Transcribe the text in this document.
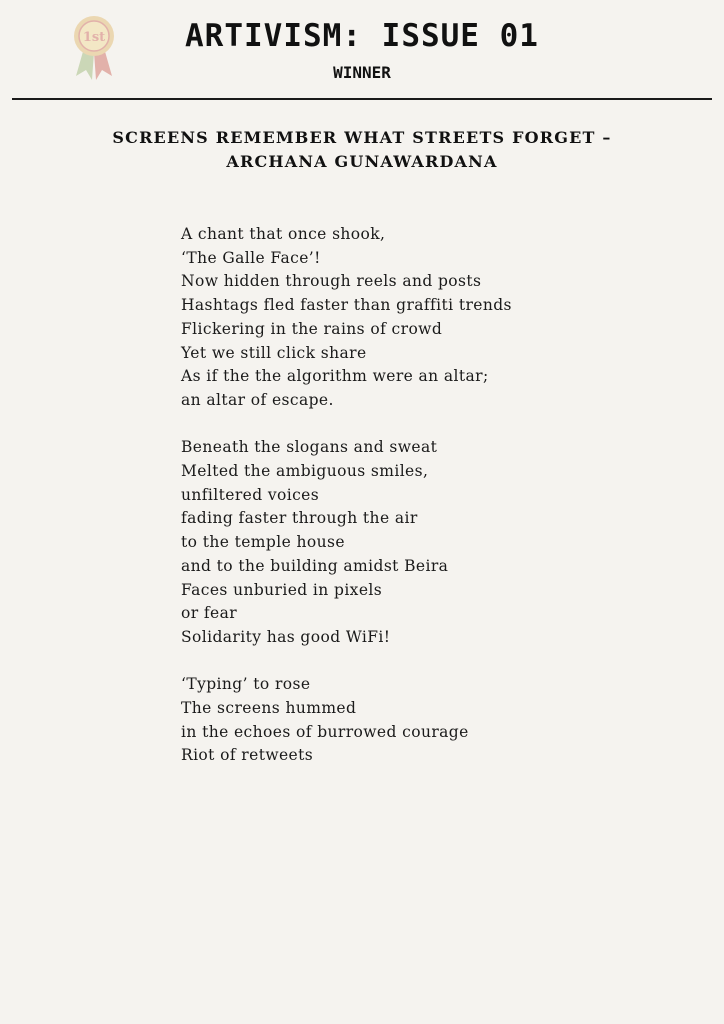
1st	ARTIVISM: ISSUE 01
WINNER
SCREENS REMEMBER WHAT STREETS FORGET –
ARCHANA GUNAWARDANA
A chant that once shook,
‘The Galle Face’!
Now hidden through reels and posts
Hashtags fled faster than graffiti trends
Flickering in the rains of crowd
Yet we still click share
As if the the algorithm were an altar;
an altar of escape.
Beneath the slogans and sweat
Melted the ambiguous smiles,
unfiltered voices
fading faster through the air
to the temple house
and to the building amidst Beira
Faces unburied in pixels
or fear
Solidarity has good WiFi!
‘Typing’ to rose
The screens hummed
in the echoes of burrowed courage
Riot of retweets
